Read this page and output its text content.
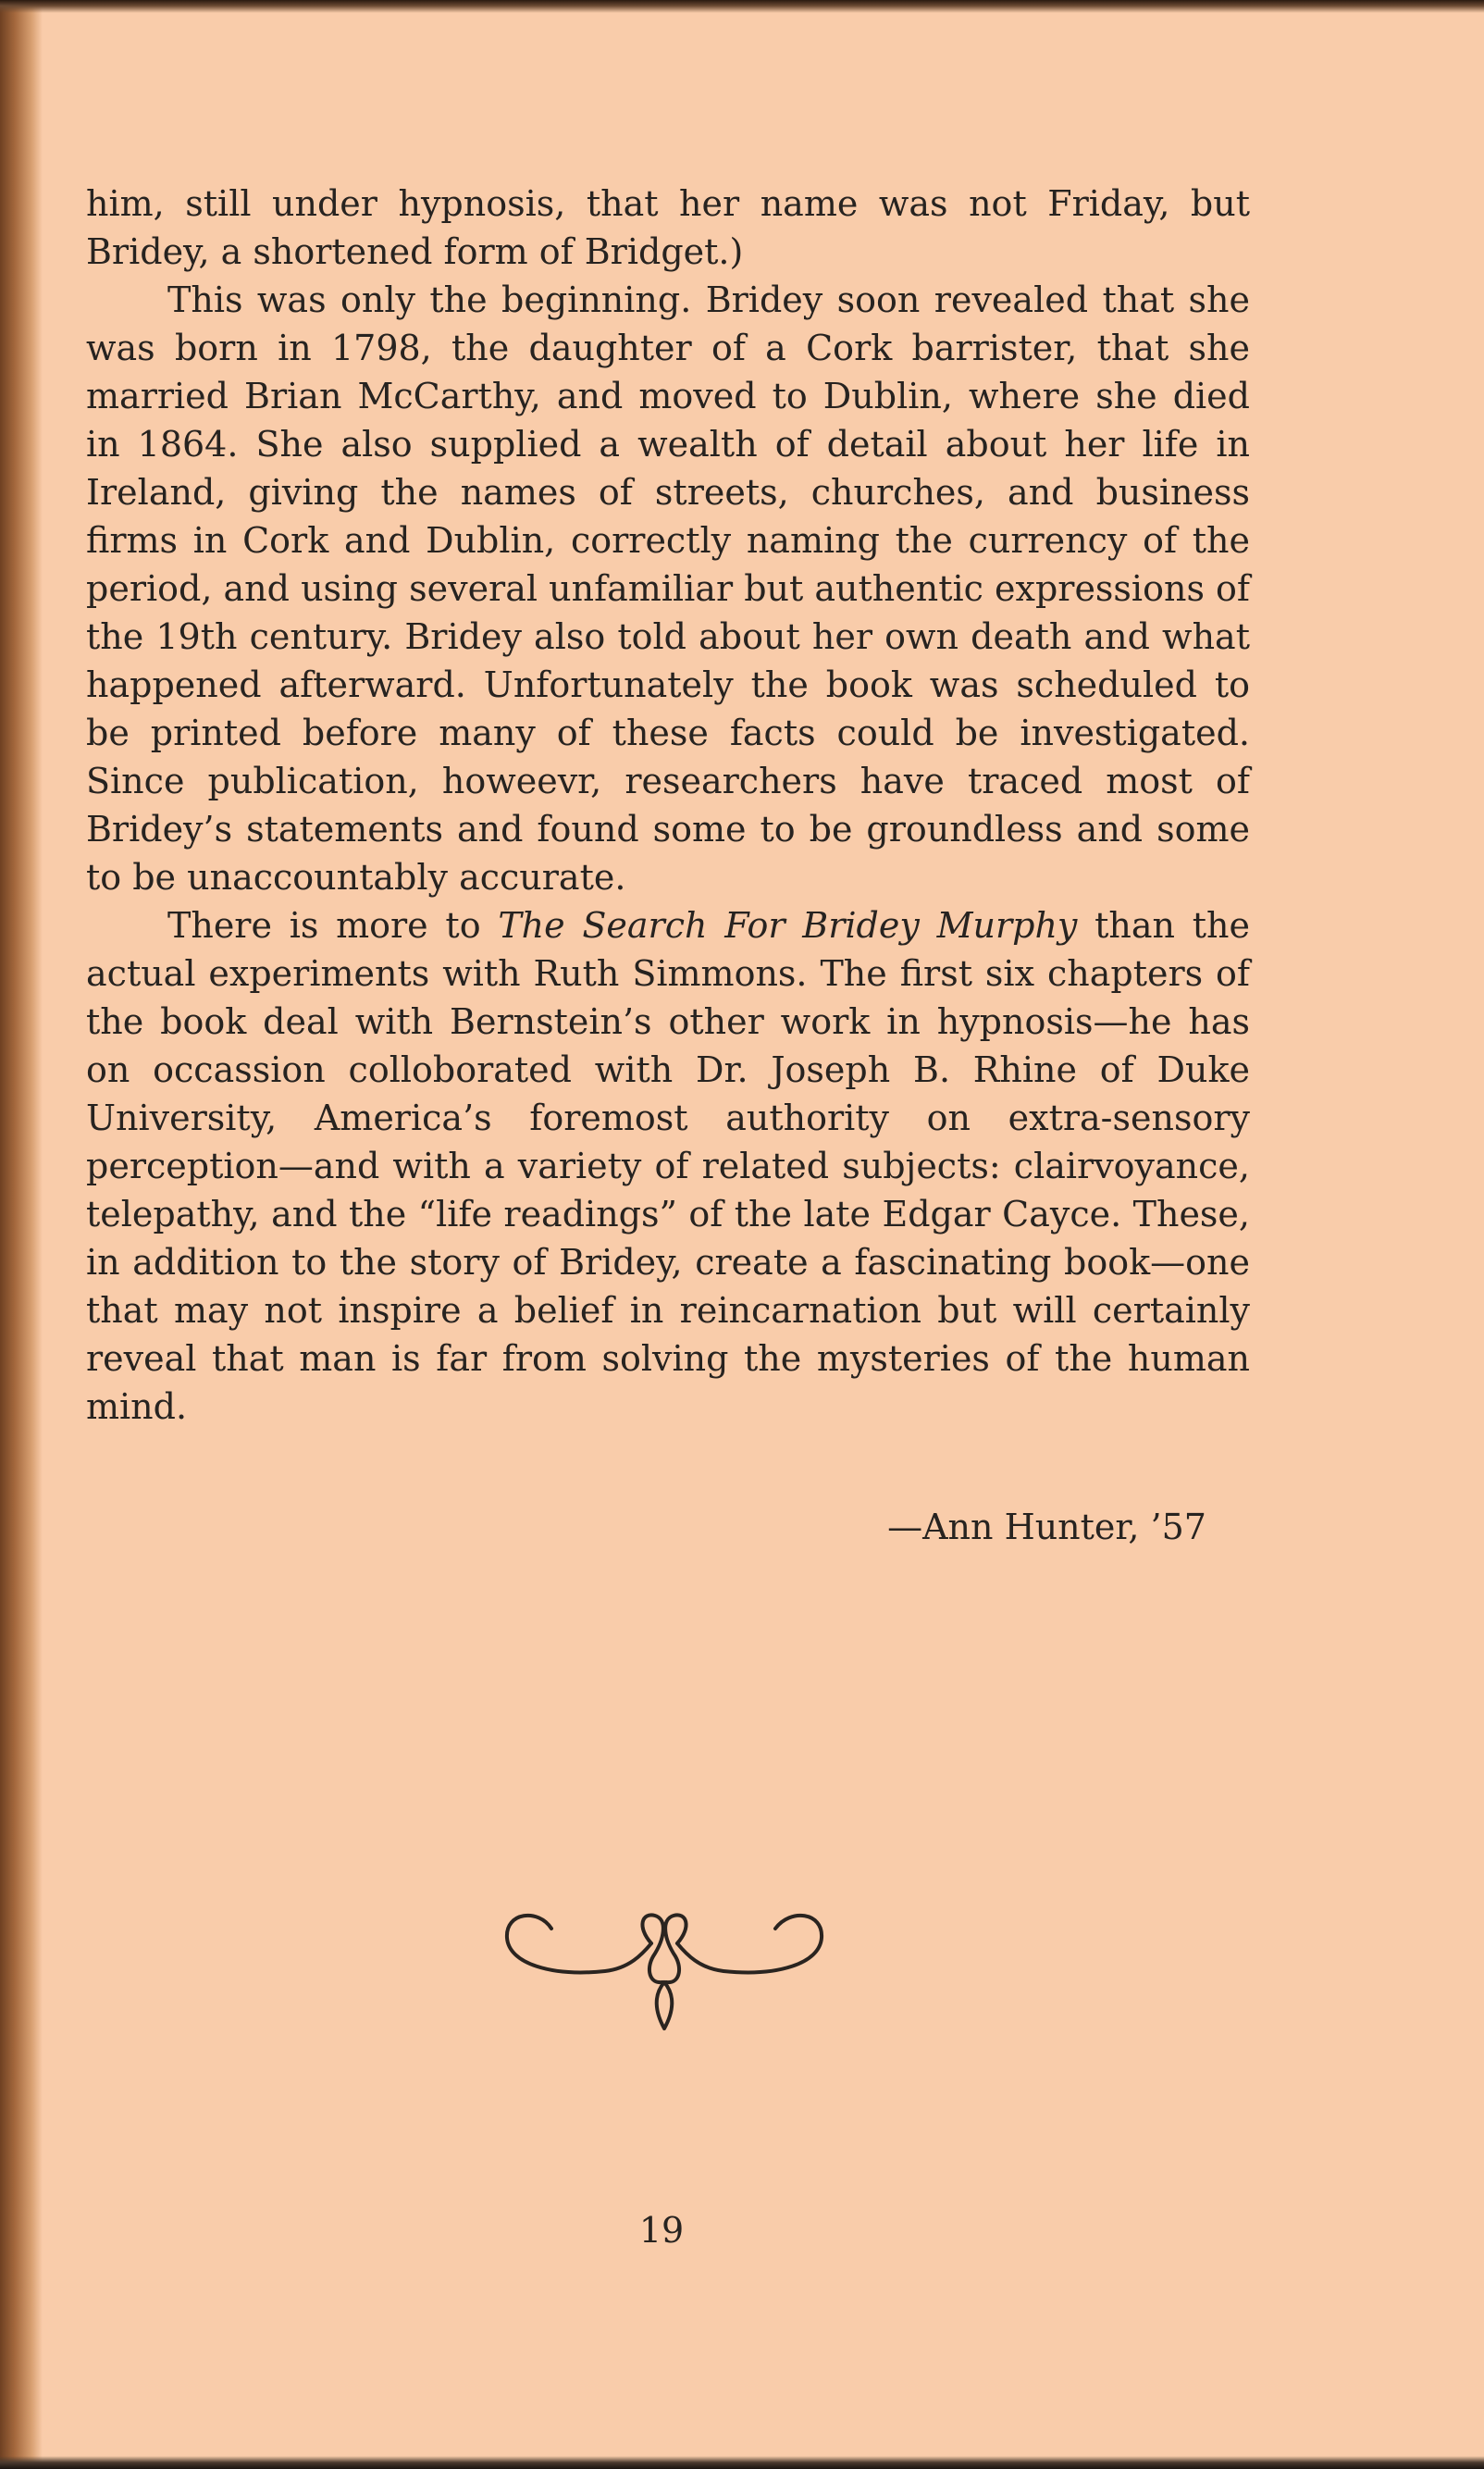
him, still under hypnosis, that her name was not Friday, but Bridey, a shortened form of Bridget.)

This was only the beginning. Bridey soon revealed that she was born in 1798, the daughter of a Cork barrister, that she married Brian McCarthy, and moved to Dublin, where she died in 1864. She also supplied a wealth of detail about her life in Ireland, giving the names of streets, churches, and business firms in Cork and Dublin, correctly naming the currency of the period, and using several unfamiliar but authentic expressions of the 19th century. Bridey also told about her own death and what happened afterward. Unfortunately the book was scheduled to be printed before many of these facts could be investigated. Since publication, howeevr, researchers have traced most of Bridey’s statements and found some to be groundless and some to be unaccountably accurate.

There is more to The Search For Bridey Murphy than the actual experiments with Ruth Simmons. The first six chapters of the book deal with Bernstein’s other work in hypnosis—he has on occassion colloborated with Dr. Joseph B. Rhine of Duke University, America’s foremost authority on extra-sensory perception—and with a variety of related subjects: clairvoyance, telepathy, and the “life readings” of the late Edgar Cayce. These, in addition to the story of Bridey, create a fascinating book—one that may not inspire a belief in reincarnation but will certainly reveal that man is far from solving the mysteries of the human mind.

—Ann Hunter, ’57
19
